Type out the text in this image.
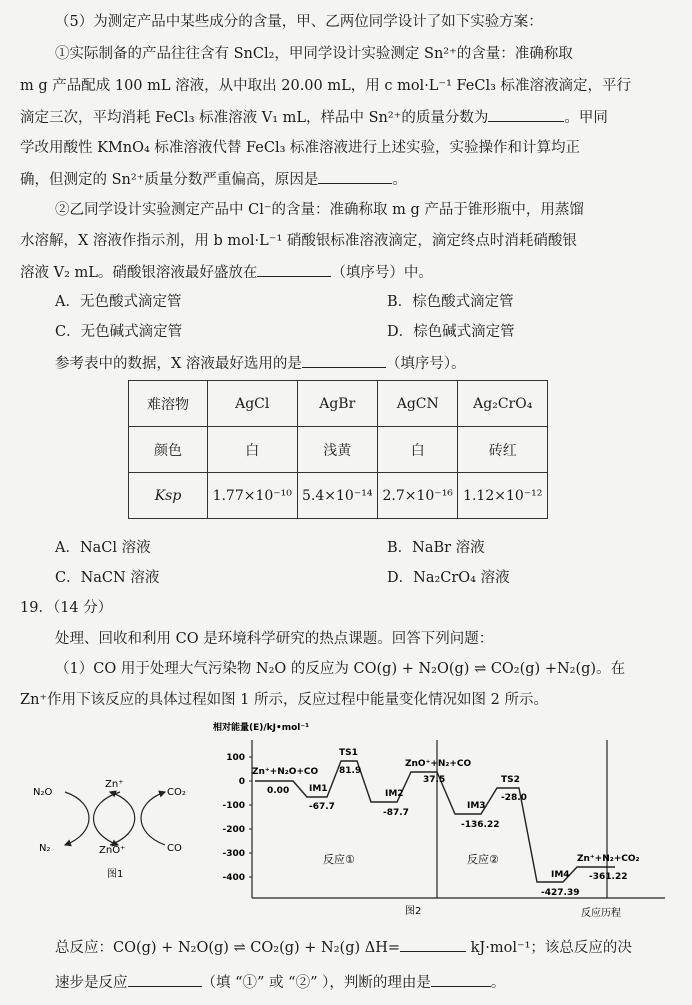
（5）为测定产品中某些成分的含量，甲、乙两位同学设计了如下实验方案：
①实际制备的产品往往含有 SnCl₂，甲同学设计实验测定 Sn²⁺的含量：准确称取
m g 产品配成 100 mL 溶液，从中取出 20.00 mL，用 c mol·L⁻¹ FeCl₃ 标准溶液滴定，平行
滴定三次，平均消耗 FeCl₃ 标准溶液 V₁ mL，样品中 Sn²⁺的质量分数为	。甲同
学改用酸性 KMnO₄ 标准溶液代替 FeCl₃ 标准溶液进行上述实验，实验操作和计算均正
确，但测定的 Sn²⁺质量分数严重偏高，原因是	。
②乙同学设计实验测定产品中 Cl⁻的含量：准确称取 m g 产品于锥形瓶中，用蒸馏
水溶解，X 溶液作指示剂，用 b mol·L⁻¹ 硝酸银标准溶液滴定，滴定终点时消耗硝酸银
溶液 V₂ mL。硝酸银溶液最好盛放在	（填序号）中。
A．无色酸式滴定管	B．棕色酸式滴定管
C．无色碱式滴定管	D．棕色碱式滴定管
参考表中的数据，X 溶液最好选用的是	（填序号）。
难溶物	AgCl	AgBr	AgCN	Ag₂CrO₄
颜色	白	浅黄	白	砖红
Ksp	1.77×10⁻¹⁰	5.4×10⁻¹⁴	2.7×10⁻¹⁶	1.12×10⁻¹²
A．NaCl 溶液	B．NaBr 溶液
C．NaCN 溶液	D．Na₂CrO₄ 溶液
19．（14 分）
处理、回收和利用 CO 是环境科学研究的热点课题。回答下列问题：
（1）CO 用于处理大气污染物 N₂O 的反应为 CO(g) + N₂O(g) ⇌ CO₂(g) +N₂(g)。在
Zn⁺作用下该反应的具体过程如图 1 所示，反应过程中能量变化情况如图 2 所示。
N₂O
Zn⁺
CO₂
N₂	ZnO⁺	CO
图1
相对能量(E)/kJ•mol⁻¹
100
0
-100
-200
-300
-400
Zn⁺+N₂O+CO
0.00
TS1
81.9
IM1
-67.7
IM2
-87.7
ZnO⁺+N₂+CO
37.5
IM3
-136.22
TS2
-28.0
IM4
-427.39
Zn⁺+N₂+CO₂
-361.22
反应①	反应②
图2	反应历程
总反应：CO(g) + N₂O(g) ⇌ CO₂(g) + N₂(g) ΔH=	kJ·mol⁻¹；该总反应的决
速步是反应	（填 “①” 或 “②” ），判断的理由是	。
